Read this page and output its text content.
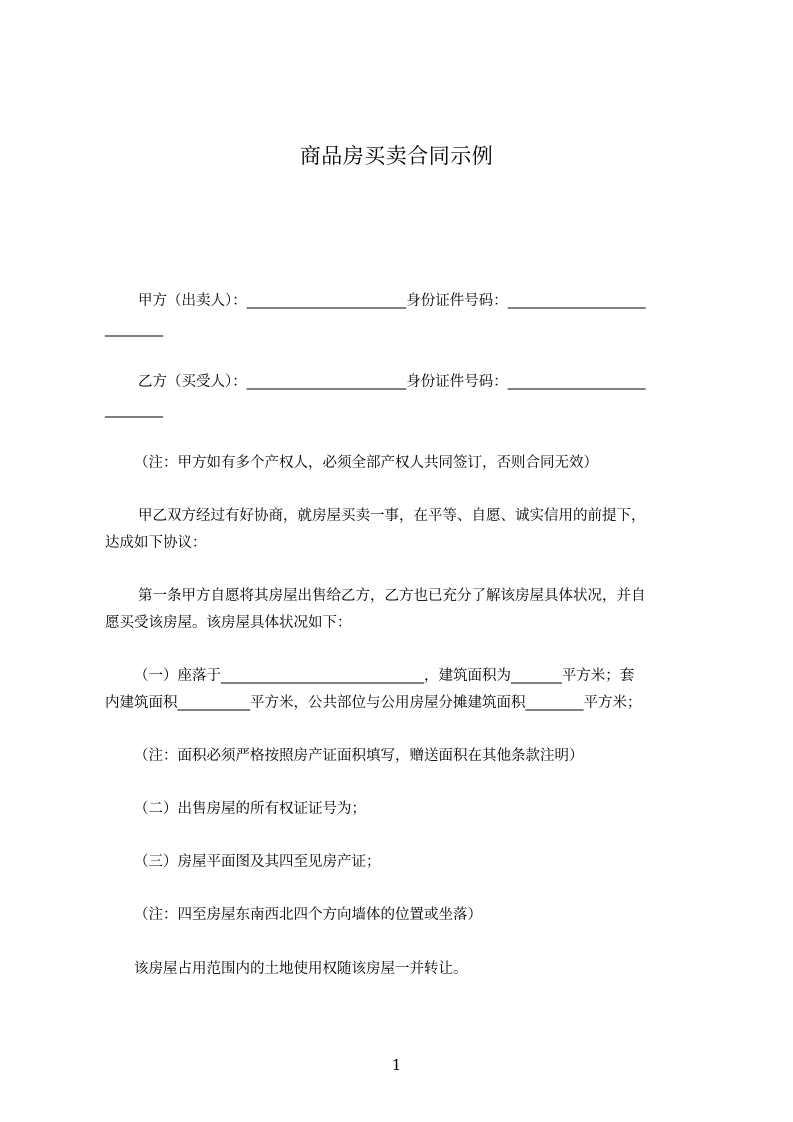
商品房买卖合同示例
甲方（出卖人）：______________________身份证件号码：___________________
________
乙方（买受人）：______________________身份证件号码：___________________
________
（注：甲方如有多个产权人，必须全部产权人共同签订，否则合同无效）
甲乙双方经过有好协商，就房屋买卖一事，在平等、自愿、诚实信用的前提下，
达成如下协议：
第一条甲方自愿将其房屋出售给乙方，乙方也已充分了解该房屋具体状况，并自
愿买受该房屋。该房屋具体状况如下：
（一）座落于____________________________，建筑面积为_______平方米；套
内建筑面积__________平方米，公共部位与公用房屋分摊建筑面积________平方米；
（注：面积必须严格按照房产证面积填写，赠送面积在其他条款注明）
（二）出售房屋的所有权证证号为；
（三）房屋平面图及其四至见房产证；
（注：四至房屋东南西北四个方向墙体的位置或坐落）
该房屋占用范围内的土地使用权随该房屋一并转让。
1
